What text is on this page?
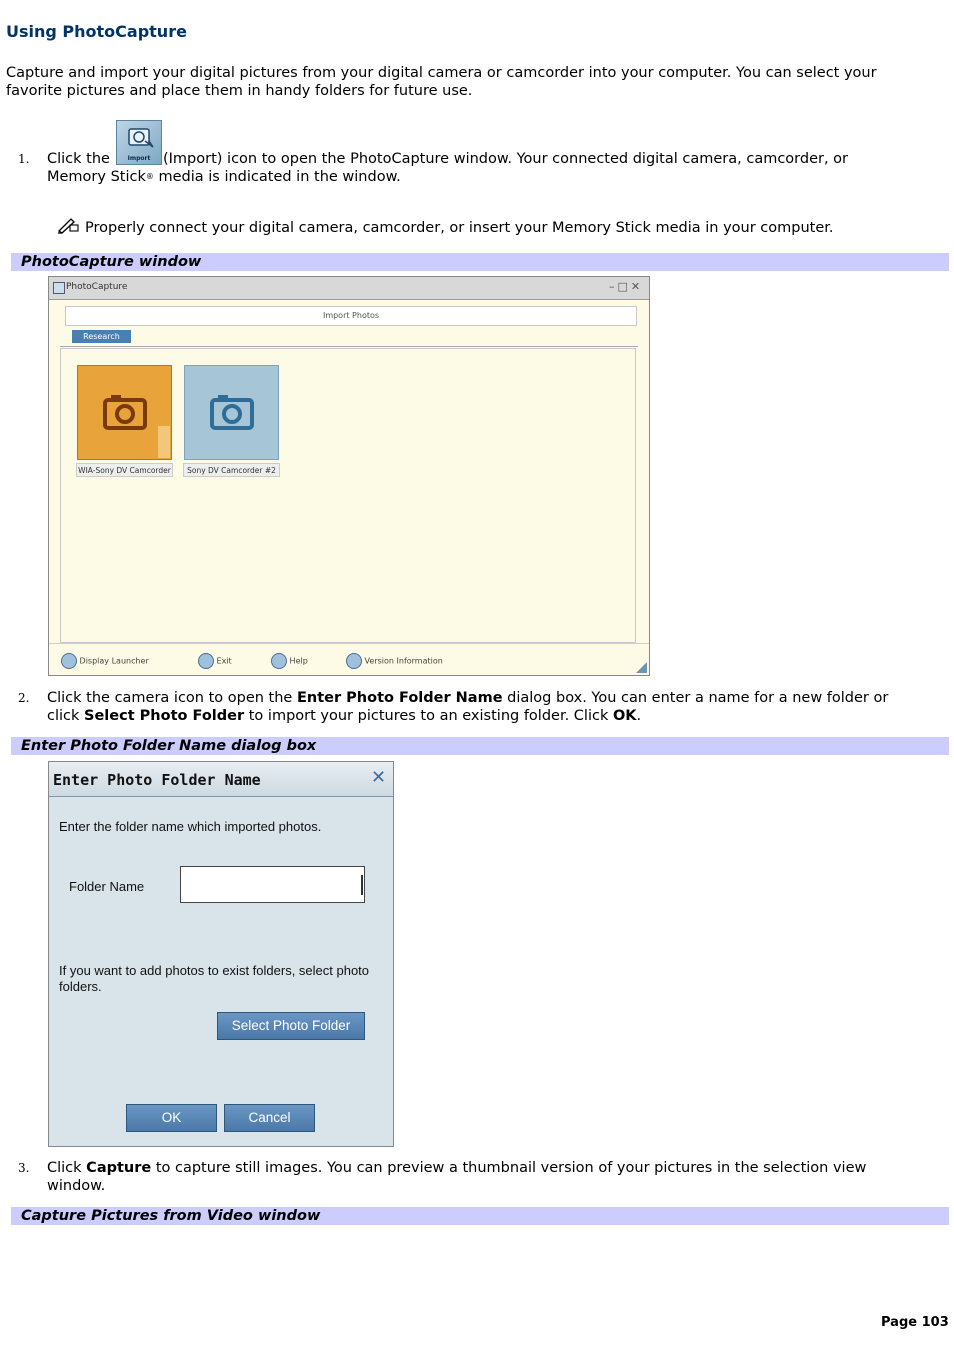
Using PhotoCapture
Capture and import your digital pictures from your digital camera or camcorder into your computer. You can select your favorite pictures and place them in handy folders for future use.
1. Click the	Import (Import) icon to open the PhotoCapture window. Your connected digital camera, camcorder, or
Memory Stick® media is indicated in the window.
Properly connect your digital camera, camcorder, or insert your Memory Stick media in your computer.
PhotoCapture window
PhotoCapture	–□✕
Import Photos
Research
WIA-Sony DV Camcorder	Sony DV Camcorder #2
Display Launcher	Exit	Help	Version Information
2. Click the camera icon to open the Enter Photo Folder Name dialog box. You can enter a name for a new folder or
click Select Photo Folder to import your pictures to an existing folder. Click OK.
Enter Photo Folder Name dialog box
Enter Photo Folder Name	✕
Enter the folder name which imported photos.
Folder Name
If you want to add photos to exist folders, select photo
folders.
Select Photo Folder
OK	Cancel
3. Click Capture to capture still images. You can preview a thumbnail version of your pictures in the selection view
window.
Capture Pictures from Video window
Page 103
